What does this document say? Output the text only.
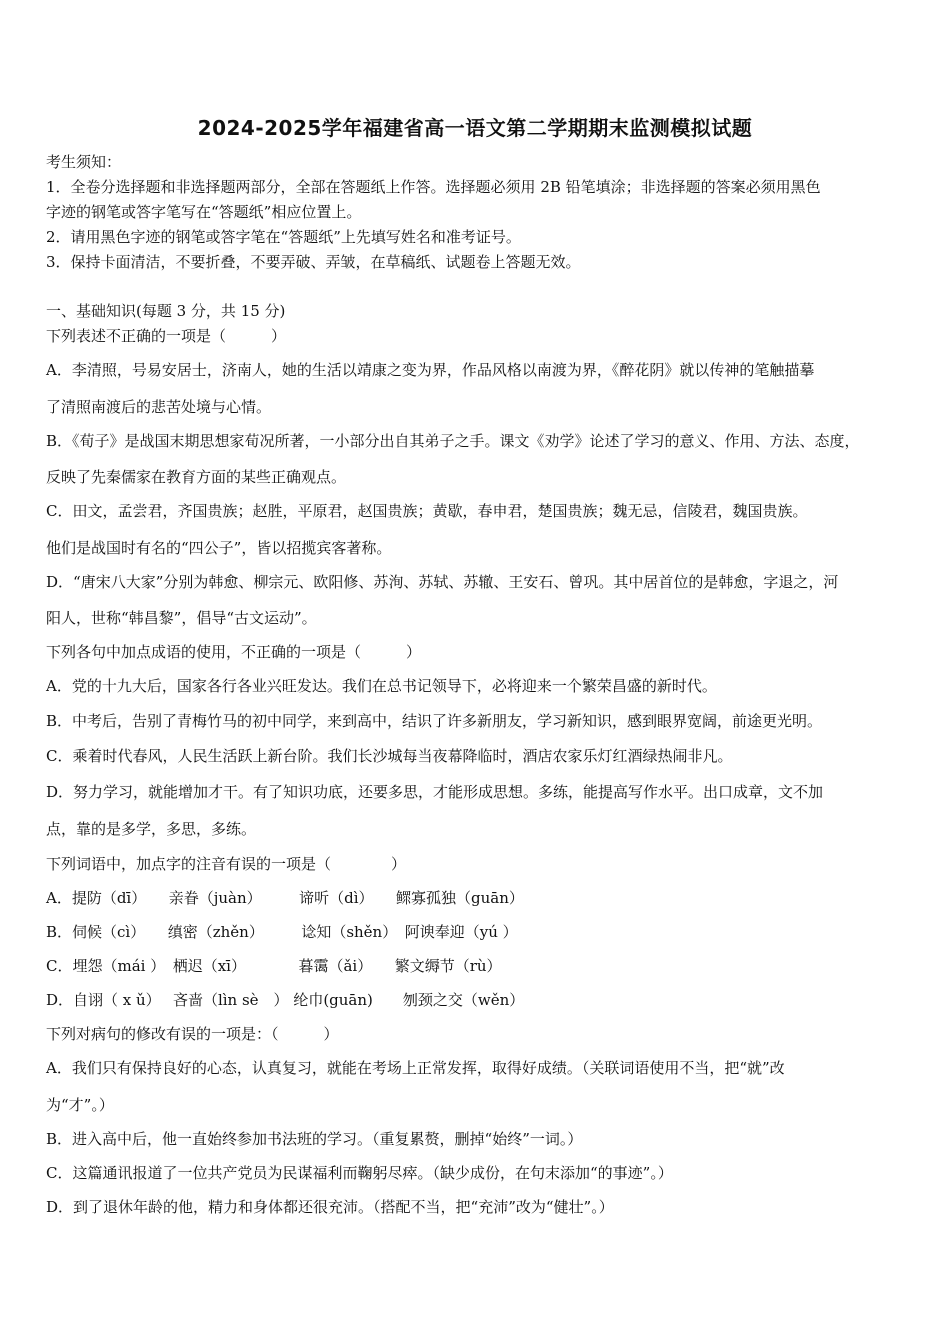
2024-2025学年福建省高一语文第二学期期末监测模拟试题
考生须知：
1．全卷分选择题和非选择题两部分，全部在答题纸上作答。选择题必须用 2B 铅笔填涂；非选择题的答案必须用黑色
字迹的钢笔或答字笔写在“答题纸”相应位置上。
2．请用黑色字迹的钢笔或答字笔在“答题纸”上先填写姓名和准考证号。
3．保持卡面清洁，不要折叠，不要弄破、弄皱，在草稿纸、试题卷上答题无效。
一、基础知识(每题 3 分，共 15 分)
下列表述不正确的一项是（　　　）
A．李清照，号易安居士，济南人，她的生活以靖康之变为界，作品风格以南渡为界，《醉花阴》就以传神的笔触描摹
了清照南渡后的悲苦处境与心情。
B．《荀子》是战国末期思想家荀况所著，一小部分出自其弟子之手。课文《劝学》论述了学习的意义、作用、方法、态度，
反映了先秦儒家在教育方面的某些正确观点。
C．田文，孟尝君，齐国贵族；赵胜，平原君，赵国贵族；黄歇，春申君，楚国贵族；魏无忌，信陵君，魏国贵族。
他们是战国时有名的“四公子”，皆以招揽宾客著称。
D．“唐宋八大家”分别为韩愈、柳宗元、欧阳修、苏洵、苏轼、苏辙、王安石、曾巩。其中居首位的是韩愈，字退之，河
阳人，世称“韩昌黎”，倡导“古文运动”。
下列各句中加点成语的使用，不正确的一项是（　　　）
A．党的十九大后，国家各行各业兴旺发达。我们在总书记领导下，必将迎来一个繁荣昌盛的新时代。
B．中考后，告别了青梅竹马的初中同学，来到高中，结识了许多新朋友，学习新知识，感到眼界宽阔，前途更光明。
C．乘着时代春风，人民生活跃上新台阶。我们长沙城每当夜幕降临时，酒店农家乐灯红酒绿热闹非凡。
D．努力学习，就能增加才干。有了知识功底，还要多思，才能形成思想。多练，能提高写作水平。出口成章，文不加
点，靠的是多学，多思，多练。
下列词语中，加点字的注音有误的一项是（　　　　）
A．提防（dī）　　亲眷（juàn）　　　谛听（dì）　　鳏寡孤独（guān）
B．伺候（cì）　　缜密（zhěn）　　　谂知（shěn）　阿谀奉迎（yú ）
C．埋怨（mái ）　栖迟（xī）　　　　暮霭（ǎi）　　繁文缛节（rù）
D．自诩（ x ǔ）　 吝啬（lìn sè　） 纶巾(guān)　　刎颈之交（wěn）
下列对病句的修改有误的一项是：（　　　）
A．我们只有保持良好的心态，认真复习，就能在考场上正常发挥，取得好成绩。（关联词语使用不当，把“就”改
为“才”。）
B．进入高中后，他一直始终参加书法班的学习。（重复累赘，删掉“始终”一词。）
C．这篇通讯报道了一位共产党员为民谋福利而鞠躬尽瘁。（缺少成份，在句末添加“的事迹”。）
D．到了退休年龄的他，精力和身体都还很充沛。（搭配不当，把“充沛”改为“健壮”。）
